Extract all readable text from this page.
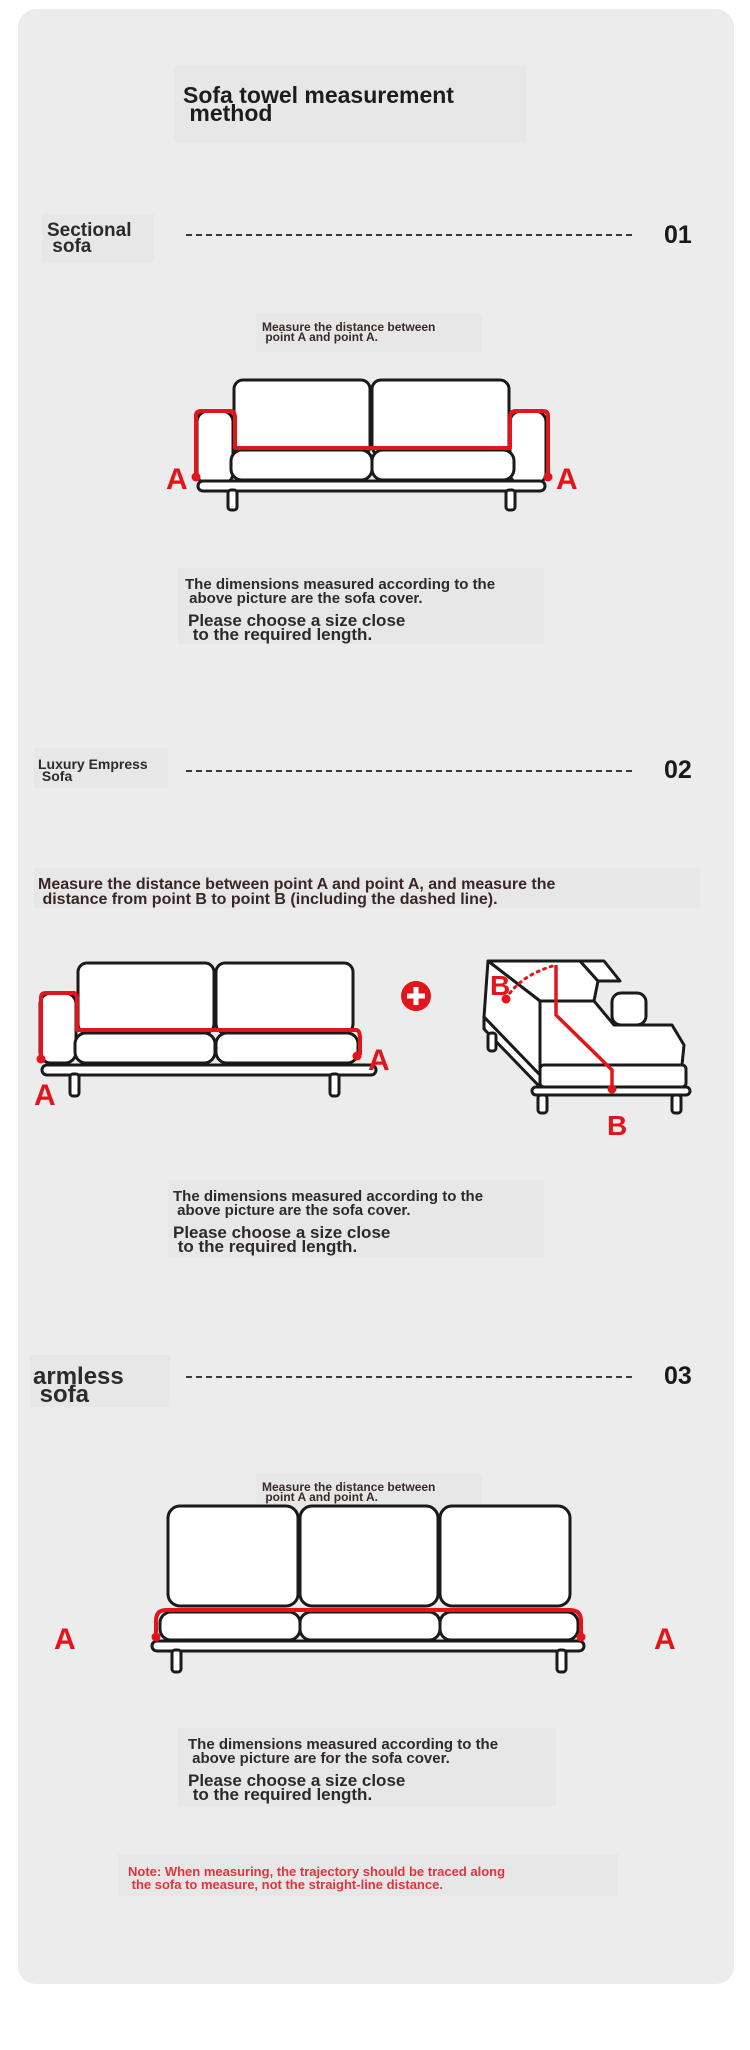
Sofa towel measurement
method
Sectional
sofa	01
Measure the distance between
point A and point A.
A	A
The dimensions measured according to the
above picture are the sofa cover.
Please choose a size close
to the required length.
Luxury Empress
Sofa	02
Measure the distance between point A and point A, and measure the
distance from point B to point B (including the dashed line).
A
A
B
B
The dimensions measured according to the
above picture are the sofa cover.
Please choose a size close
to the required length.
armless
sofa
03
Measure the distance between
point A and point A.
A	A
The dimensions measured according to the
above picture are for the sofa cover.
Please choose a size close
to the required length.
Note: When measuring, the trajectory should be traced along
the sofa to measure, not the straight-line distance.
